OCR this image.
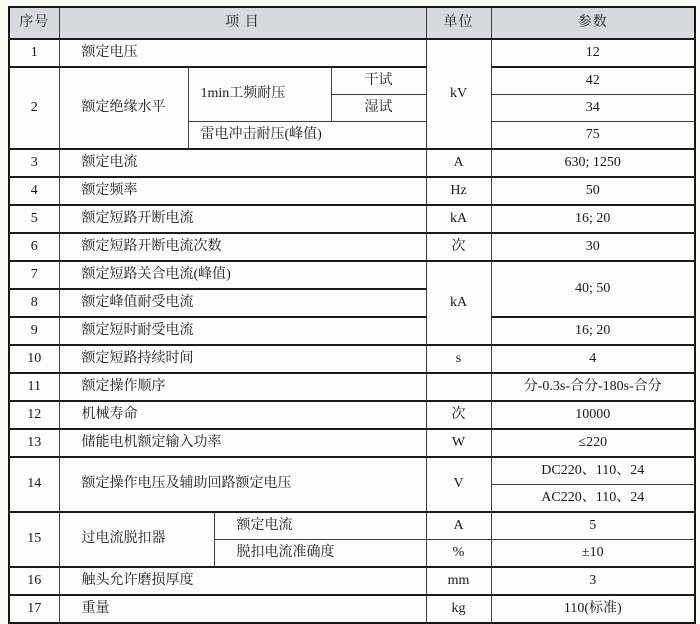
序号	项 目				单位	参数
1	额定电压				kV	12
2	额定绝缘水平	1min工频耐压		干试		42
				湿试		34
		雷电冲击耐压(峰值)				75
3	额定电流				A	630; 1250
4	额定频率				Hz	50
5	额定短路开断电流				kA	16; 20
6	额定短路开断电流次数				次	30
7	额定短路关合电流(峰值)				kA	40; 50
8	额定峰值耐受电流					
9	额定短时耐受电流					16; 20
10	额定短路持续时间				s	4
11	额定操作顺序					分-0.3s-合分-180s-合分
12	机械寿命				次	10000
13	储能电机额定输入功率				W	≤220
14	额定操作电压及辅助回路额定电压				V	DC220、110、24
						AC220、110、24
15	过电流脱扣器		额定电流		A	5
			脱扣电流准确度		%	±10
16	触头允许磨损厚度				mm	3
17	重量				kg	110(标准)
